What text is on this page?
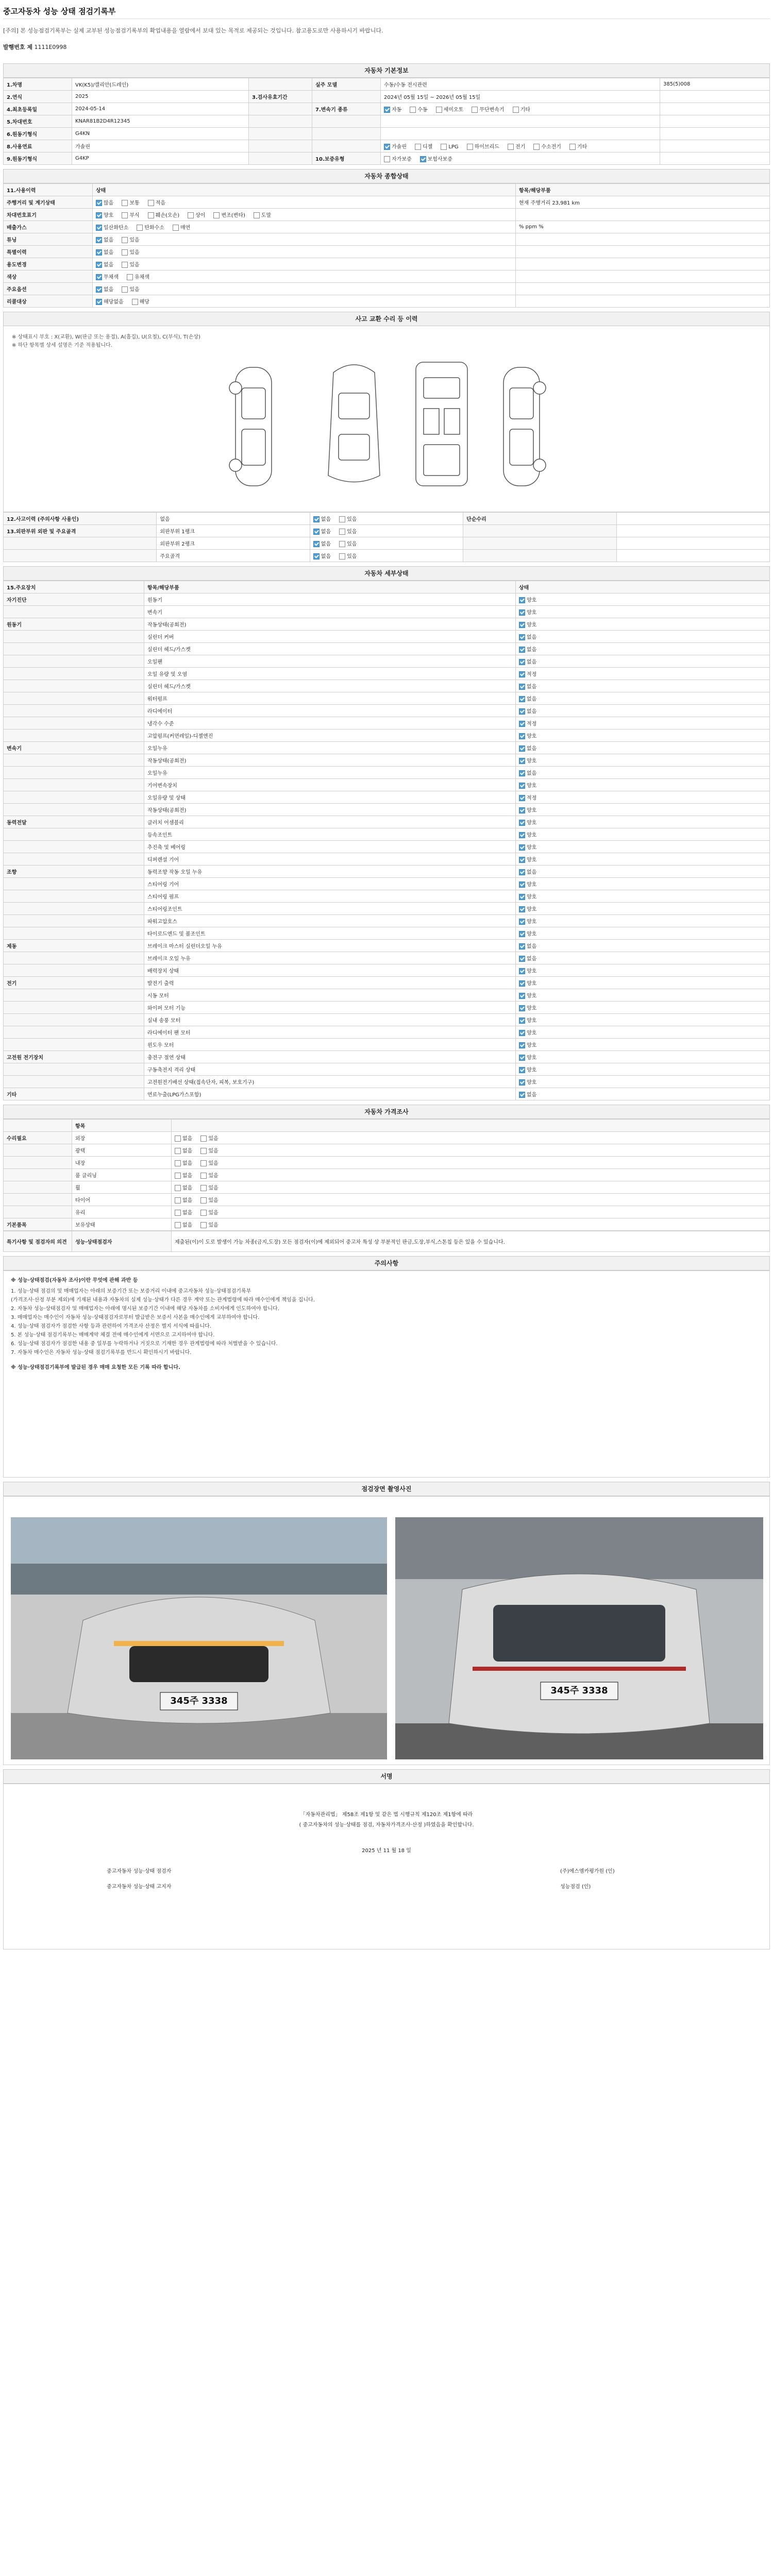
중고자동차 성능 상태 점검기록부
[주의] 본 성능점검기록부는 실제 교부된 성능점검기록부의 확업내용을 열람에서 보대 있는 목적로 제공되는 것입니다. 참고용도로만 사용하시기 바랍니다.
발행번호 제 1111E0998
자동차 기본정보
1.차명	VK(K5)/캘리안(드레인)		실주 모델	수동/수동 전시관련	385(5)008
2.연식	2025	3.검사유효기간		2024년 05월 15일 ~ 2026년 05월 15일	
4.최초등록일	2024-05-14		7.변속기 종류	자동 수동 세미오토 무단변속기 기타	
5.차대번호	KNAR81B2D4R12345				
6.원동기형식	G4KN				
8.사용연료	가솔린			가솔린 디젤 LPG 하이브리드 전기 수소전기 기타	
9.원동기형식	G4KP		10.보증유형	자가보증 보험사보증	
자동차 종합상태
11.사용이력	상태	항목/해당부품
주행거리 및 계기상태	많음 보통 적음	현재 주행거리 23,981 km
차대번호표기	양호 부식 훼손(오손) 상이 변조(변타) 도말	
배출가스	일산화탄소 탄화수소 매연	% ppm %
튜닝	없음 있음	
특별이력	없음 있음	
용도변경	없음 있음	
색상	무채색 유채색	
주요옵션	없음 있음	
리콜대상	해당없음 해당	
사고 교환 수리 등 이력
※ 상태표시 부호 : X(교환), W(판금 또는 용접), A(흠집), U(요철), C(부식), T(손상)
※ 하단 항목별 상세 설명은 기준 적용됩니다.
12.사고이력 (주의사항 사용인)	없음	없음 있음	단순수리	
13.외판부위 외판 및 주요골격	외판부위 1랭크	없음 있음		
	외판부위 2랭크	없음 있음		
	주요골격	없음 있음		
자동차 세부상태
15.주요장치	항목/해당부품	상태
자기진단	원동기	양호
	변속기	양호
원동기	작동상태(공회전)	양호
	실린더 커버	없음
	실린더 헤드/가스켓	없음
	오일팬	없음
	오일 유량 및 오염	적정
	실린더 헤드/가스켓	없음
	워터펌프	없음
	라디에이터	없음
	냉각수 수준	적정
	고압펌프(커먼레일)-디젤엔진	양호
변속기	오일누유	없음
	작동상태(공회전)	양호
	오일누유	없음
	기어변속장치	양호
	오일유량 및 상태	적정
	작동상태(공회전)	양호
동력전달	클러치 어셈블리	양호
	등속조인트	양호
	추진축 및 베어링	양호
	디퍼렌셜 기어	양호
조향	동력조향 작동 오일 누유	없음
	스티어링 기어	양호
	스티어링 펌프	양호
	스티어링조인트	양호
	파워고압호스	양호
	타이로드엔드 및 볼조인트	양호
제동	브레이크 마스터 실린더오일 누유	없음
	브레이크 오일 누유	없음
	배력장치 상태	양호
전기	발전기 출력	양호
	시동 모터	양호
	와이퍼 모터 기능	양호
	실내 송풍 모터	양호
	라디에이터 팬 모터	양호
	윈도우 모터	양호
고전원 전기장치	충전구 절연 상태	양호
	구동축전지 격리 상태	양호
	고전원전기배선 상태(접속단자, 피복, 보호기구)	양호
기타	연료누출(LPG가스포함)	없음
자동차 가격조사
	항목	
수리필요	외장	없음 있음
	광택	없음 있음
	내장	없음 있음
	룸 클리닝	없음 있음
	휠	없음 있음
	타이어	없음 있음
	유리	없음 있음
기본품목	보유상태	없음 있음
특기사항 및 점검자의 의견	성능·상태점검자	제출된(이)이 도로 발생이 가능 차종(금지,도장) 모든 점검자(이)에 제외되어 중고차 특성 상 부분적인 판금,도장,부식,스톤칩 등은 있을 수 있습니다.
주의사항
※ 성능·상태점검(자동차 조사)이란 무엇에 관해 과반 등
1. 성능·상태 점검의 및 매매업자는 아래의 보증기간 또는 보증거리 이내에 중고자동차 성능·상태점검기록부
(가격조사·산정 부분 제외)에 기재된 내용과 자동차의 실제 성능·상태가 다른 경우 계약 또는 관계법령에 따라 매수인에게 책임을 집니다.
2. 자동차 성능·상태점검자 및 매매업자는 아래에 명시된 보증기간 이내에 해당 자동차를 소비자에게 인도하여야 합니다.
3. 매매업자는 매수인이 자동차 성능·상태점검자로부터 발급받은 보증서 사본을 매수인에게 교부하여야 합니다.
4. 성능·상태 점검자가 점검한 사항 등과 관련하여 가격조사 산정은 별지 서식에 따릅니다.
5. 본 성능·상태 점검기록부는 매매계약 체결 전에 매수인에게 서면으로 고지하여야 합니다.
6. 성능·상태 점검자가 점검한 내용 중 일부를 누락하거나 거짓으로 기재한 경우 관계법령에 따라 처벌받을 수 있습니다.
7. 자동차 매수인은 자동차 성능·상태 점검기록부를 반드시 확인하시기 바랍니다.
※ 성능·상태점검기록부에 발급된 경우 매매 요청한 모든 기록 따라 합니다.
점검장면 촬영사진
345주 3338
345주 3338
서명
「자동차관리법」 제58조 제1항 및 같은 법 시행규칙 제120조 제1항에 따라
( 중고자동차의 성능·상태를 점검, 자동차가격조사·산정 )하였음을 확인합니다.
2025 년 11 월 18 일
중고자동차 성능·상태 점검자
중고자동차 성능·상태 고지자
(주)에스엠카평가원 (인)
성능점검 (인)
